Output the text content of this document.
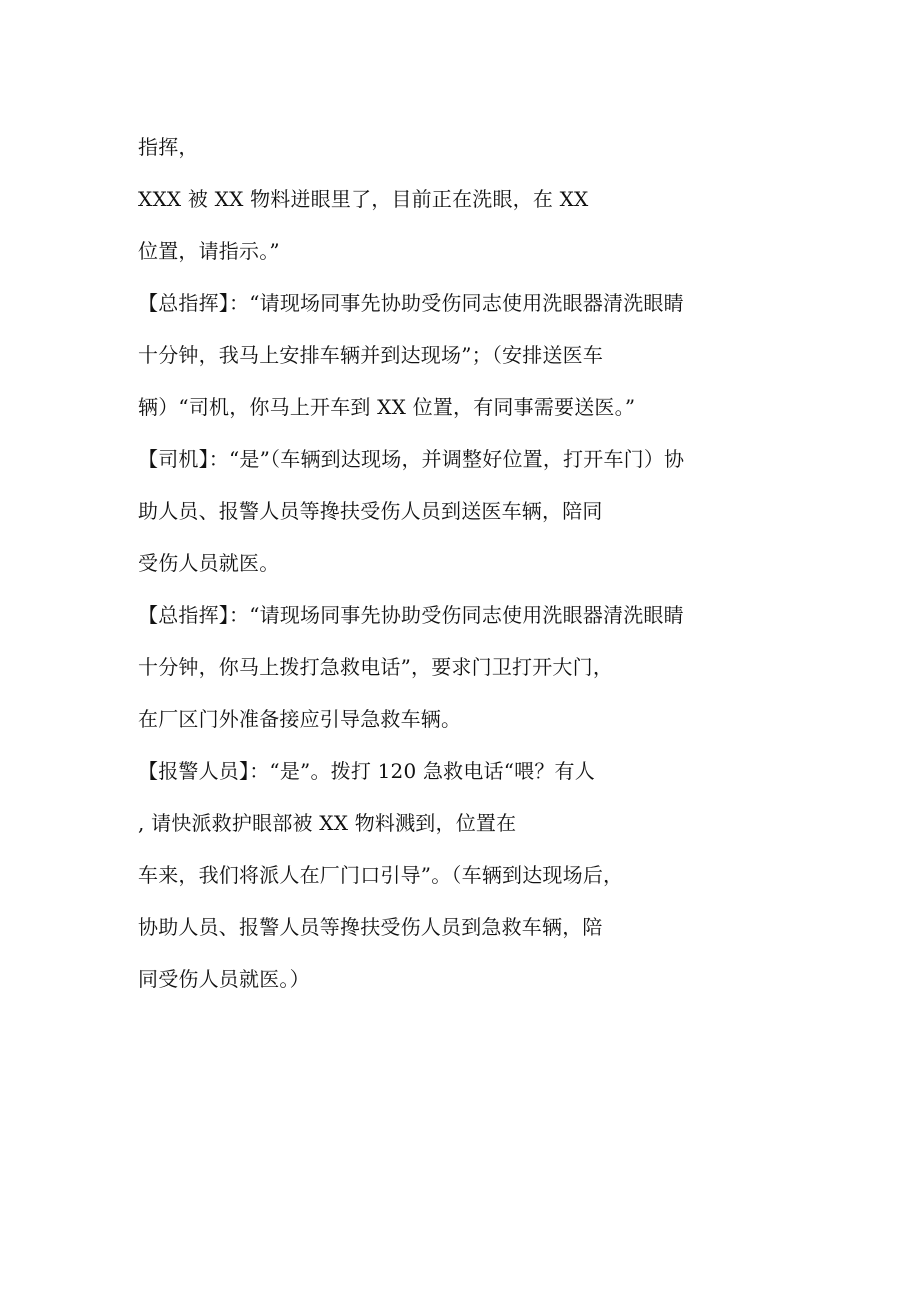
指挥，
XXX 被 XX 物料迸眼里了，目前正在洗眼，在 XX
位置，请指示。”
【总指挥】：“请现场同事先协助受伤同志使用洗眼器清洗眼睛
十分钟，我马上安排车辆并到达现场”；（安排送医车
辆）“司机，你马上开车到 XX 位置，有同事需要送医。”
【司机】：“是”（车辆到达现场，并调整好位置，打开车门）协
助人员、报警人员等搀扶受伤人员到送医车辆，陪同
受伤人员就医。
【总指挥】：“请现场同事先协助受伤同志使用洗眼器清洗眼睛
十分钟，你马上拨打急救电话”，要求门卫打开大门，
在厂区门外准备接应引导急救车辆。
【报警人员】：“是”。拨打 120 急救电话“喂？有人
, 请快派救护眼部被 XX 物料溅到，位置在
车来，我们将派人在厂门口引导”。（车辆到达现场后，
协助人员、报警人员等搀扶受伤人员到急救车辆，陪
同受伤人员就医。）
